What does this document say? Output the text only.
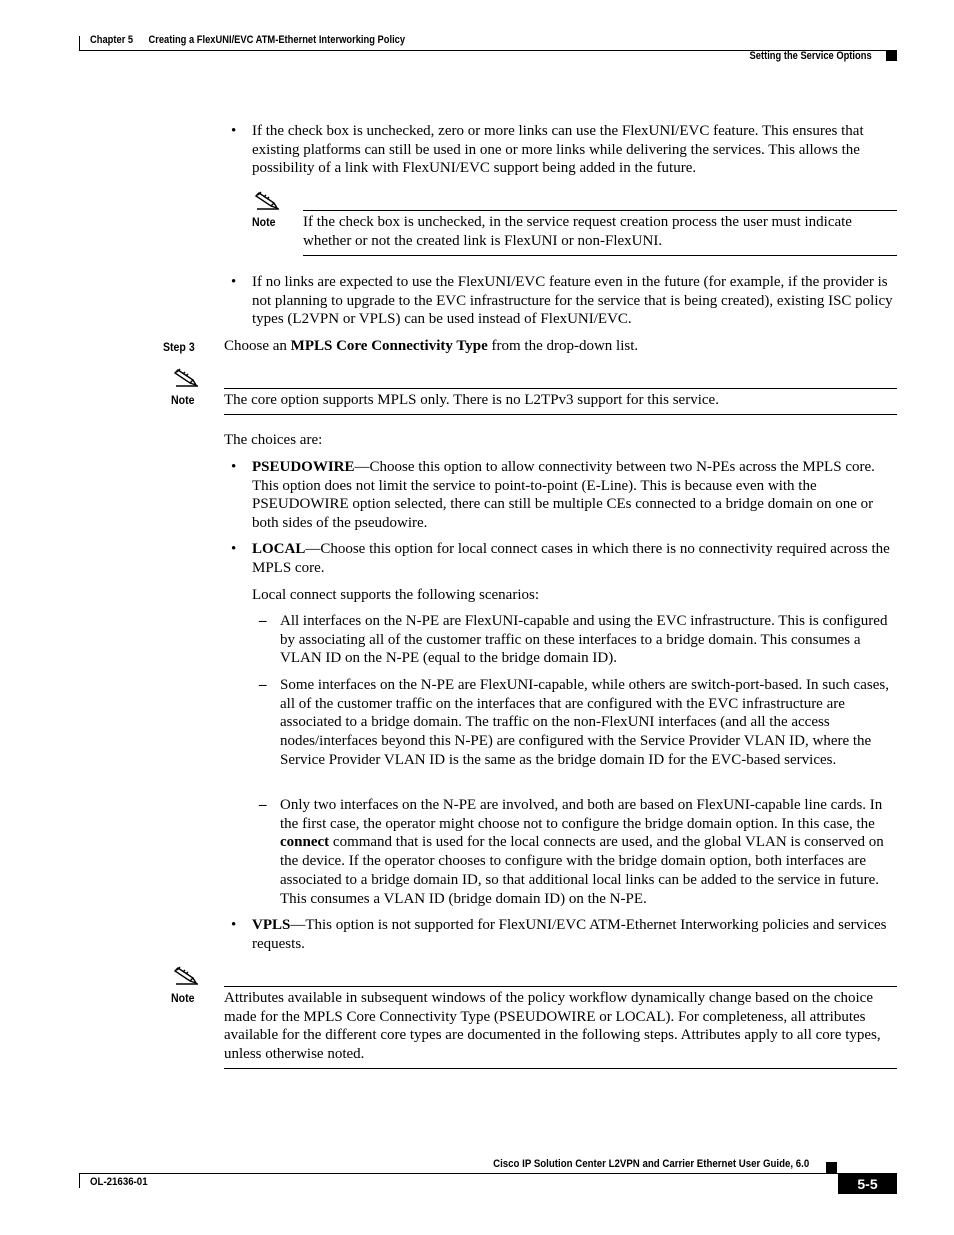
Chapter 5 Creating a FlexUNI/EVC ATM-Ethernet Interworking Policy
Setting the Service Options
• If the check box is unchecked, zero or more links can use the FlexUNI/EVC feature. This ensures that existing platforms can still be used in one or more links while delivering the services. This allows the possibility of a link with FlexUNI/EVC support being added in the future.

Note If the check box is unchecked, in the service request creation process the user must indicate whether or not the created link is FlexUNI or non-FlexUNI.

• If no links are expected to use the FlexUNI/EVC feature even in the future (for example, if the provider is not planning to upgrade to the EVC infrastructure for the service that is being created), existing ISC policy types (L2VPN or VPLS) can be used instead of FlexUNI/EVC.

Step 3 Choose an MPLS Core Connectivity Type from the drop-down list.

Note The core option supports MPLS only. There is no L2TPv3 support for this service.

The choices are:

• PSEUDOWIRE—Choose this option to allow connectivity between two N-PEs across the MPLS core. This option does not limit the service to point-to-point (E-Line). This is because even with the PSEUDOWIRE option selected, there can still be multiple CEs connected to a bridge domain on one or both sides of the pseudowire.

• LOCAL—Choose this option for local connect cases in which there is no connectivity required across the MPLS core.

Local connect supports the following scenarios:

– All interfaces on the N-PE are FlexUNI-capable and using the EVC infrastructure. This is configured by associating all of the customer traffic on these interfaces to a bridge domain. This consumes a VLAN ID on the N-PE (equal to the bridge domain ID).

– Some interfaces on the N-PE are FlexUNI-capable, while others are switch-port-based. In such cases, all of the customer traffic on the interfaces that are configured with the EVC infrastructure are associated to a bridge domain. The traffic on the non-FlexUNI interfaces (and all the access nodes/interfaces beyond this N-PE) are configured with the Service Provider VLAN ID, where the Service Provider VLAN ID is the same as the bridge domain ID for the EVC-based services.

– Only two interfaces on the N-PE are involved, and both are based on FlexUNI-capable line cards. In the first case, the operator might choose not to configure the bridge domain option. In this case, the connect command that is used for the local connects are used, and the global VLAN is conserved on the device. If the operator chooses to configure with the bridge domain option, both interfaces are associated to a bridge domain ID, so that additional local links can be added to the service in future. This consumes a VLAN ID (bridge domain ID) on the N-PE.

• VPLS—This option is not supported for FlexUNI/EVC ATM-Ethernet Interworking policies and services requests.

Note Attributes available in subsequent windows of the policy workflow dynamically change based on the choice made for the MPLS Core Connectivity Type (PSEUDOWIRE or LOCAL). For completeness, all attributes available for the different core types are documented in the following steps. Attributes apply to all core types, unless otherwise noted.

Cisco IP Solution Center L2VPN and Carrier Ethernet User Guide, 6.0
OL-21636-01	5-5
